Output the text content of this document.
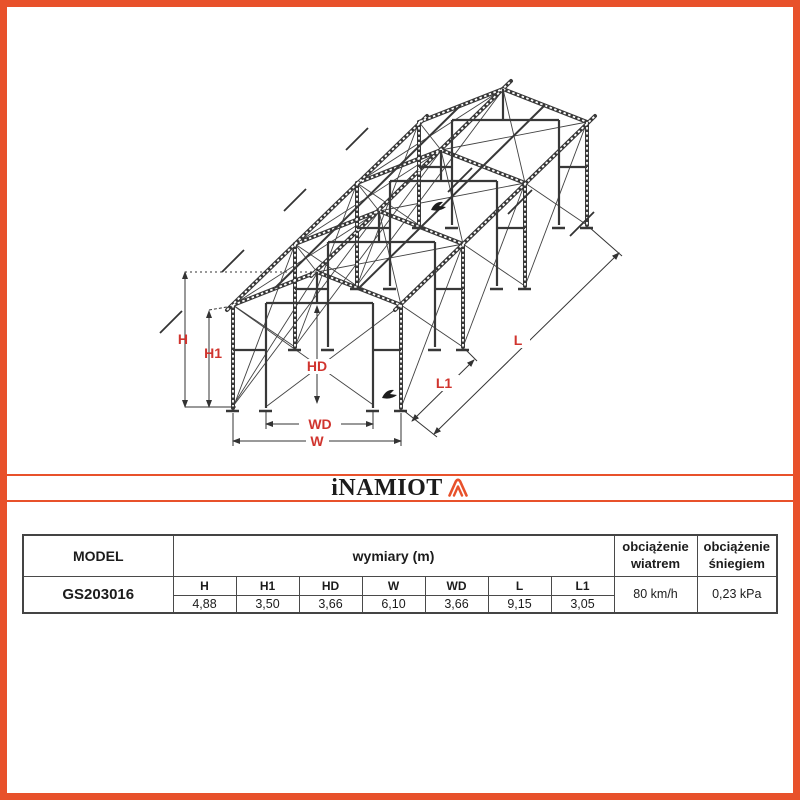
H
H1
HD
WD
W
L
L1
iNAMIOT
MODEL	wymiary (m)							obciążenie wiatrem	obciążenie śniegiem
GS203016	H	H1	HD	W	WD	L	L1	80 km/h	0,23 kPa
	4,88	3,50	3,66	6,10	3,66	9,15	3,05		
